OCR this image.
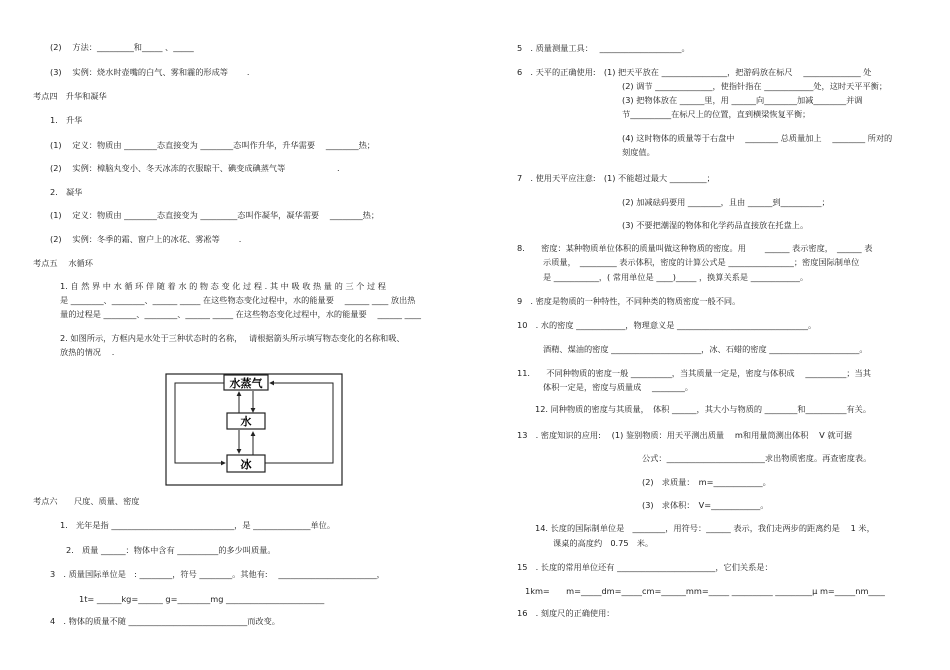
(2)　 方法：_________和_____ 、_____
(3)　 实例：烧水时壶嘴的白气、雾和霾的形成等　　 .
考点四　升华和凝华
1.　升华
(1)　 定义：物质由 ________态直接变为 ________态叫作升华，升华需要　 ________热；
(2)　 实例：樟脑丸变小、冬天冰冻的衣服晾干、碘变成碘蒸气等　　　　　　 .
2.　凝华
(1)　 定义：物质由 ________态直接变为 _________态叫作凝华，凝华需要　 ________热；
(2)　 实例：冬季的霜、窗户上的冰花、雾凇等　　 .
考点五　 水循环
1. 自 然 界 中 水 循 环 伴 随 着 水 的 物 态 变 化 过 程 . 其 中 吸 收 热 量 的 三 个 过 程
是 ________、________、______ _____ 在这些物态变化过程中，水的能量要　 ______ ____ 放出热
量的过程是 ________、________、______ _____ 在这些物态变化过程中，水的能量要　 ______ ____
2. 如图所示，方框内是水处于三种状态时的名称，　 请根据箭头所示填写物态变化的名称和吸、
放热的情况　 .
水蒸气
水
冰
考点六　　尺度、质量、密度
1.　光年是指 ______________________________，是 ______________单位。
2.　质量 ______：物体中含有 __________的多少叫质量。
3　. 质量国际单位是　: ________，符号 ________。其他有:　 ________________________，
1t= ______kg=______ g=________mg ________________________
4　. 物体的质量不随 _____________________________而改变。
5　. 质量测量工具：　 ____________________。
6　. 天平的正确使用:　(1) 把天平放在 ________________，把游码放在标尺　 ______________ 处
(2) 调节 ______________，使指针指在 ____________处，这时天平平衡；
(3) 把物体放在 ______里，用 ______向________加减________并调
节__________在标尺上的位置，直到横梁恢复平衡；
(4) 这时物体的质量等于右盘中　 ________ 总质量加上　 ________ 所对的
刻度值。
7　. 使用天平应注意:　(1) 不能超过最大 _________；
(2) 加减砝码要用 ________，且由 ______到__________；
(3) 不要把潮湿的物体和化学药品直接放在托盘上。
8.　　密度：某种物质单位体积的质量叫做这种物质的密度。用　　 ______ 表示密度，　______ 表
示质量，　_________ 表示体积，密度的计算公式是 ________________；密度国际制单位
是 ___________，( 常用单位是 ____)_____ ，换算关系是 ____________。
9　. 密度是物质的一种特性，不同种类的物质密度一般不同。
10　. 水的密度 ____________，物理意义是 ________________________________。
酒精、煤油的密度 ______________________，冰、石蜡的密度 ______________________。
11.　　不同种物质的密度一般 __________，当其质量一定是，密度与体积成　 __________；当其
体积一定是，密度与质量成　 ________。
12. 同种物质的密度与其质量，　体积 ______，其大小与物质的 ________和__________有关。
13　. 密度知识的应用:　 (1) 鉴别物质：用天平测出质量　 m和用量筒测出体积　 V 就可据
公式：________________________求出物质密度。再查密度表。
(2)　求质量：　m=____________。
(3)　求体积：　V=____________。
14. 长度的国际制单位是　________，用符号：______ 表示，我们走两步的距离约是　 1 米，
课桌的高度约　0.75　米。
15　. 长度的常用单位还有 ________________________，它们关系是：
1km=　　m=_____dm=_____cm=______mm=_____ __________ _________μ m=_____nm____
16　. 刻度尺的正确使用：
